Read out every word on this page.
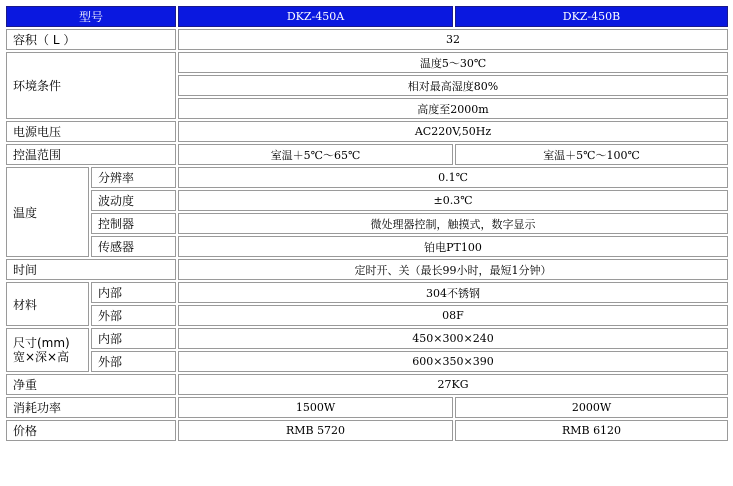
型号		DKZ-450A	DKZ-450B
容积（ L ）		32	
环境条件		温度5～30℃	
		相对最高湿度80%	
		高度至2000m	
电源电压		AC220V,50Hz	
控温范围		室温＋5℃～65℃	室温＋5℃～100℃
温度	分辨率	0.1℃	
	波动度	±0.3℃	
	控制器	微处理器控制，触摸式，数字显示	
	传感器	铂电PT100	
时间		定时开、关（最长99小时，最短1分钟）	
材料	内部	304不锈钢	
	外部	08F	
尺寸(mm)
宽×深×高	内部	450×300×240	
	外部	600×350×390	
净重		27KG	
消耗功率		1500W	2000W
价格		RMB 5720	RMB 6120
